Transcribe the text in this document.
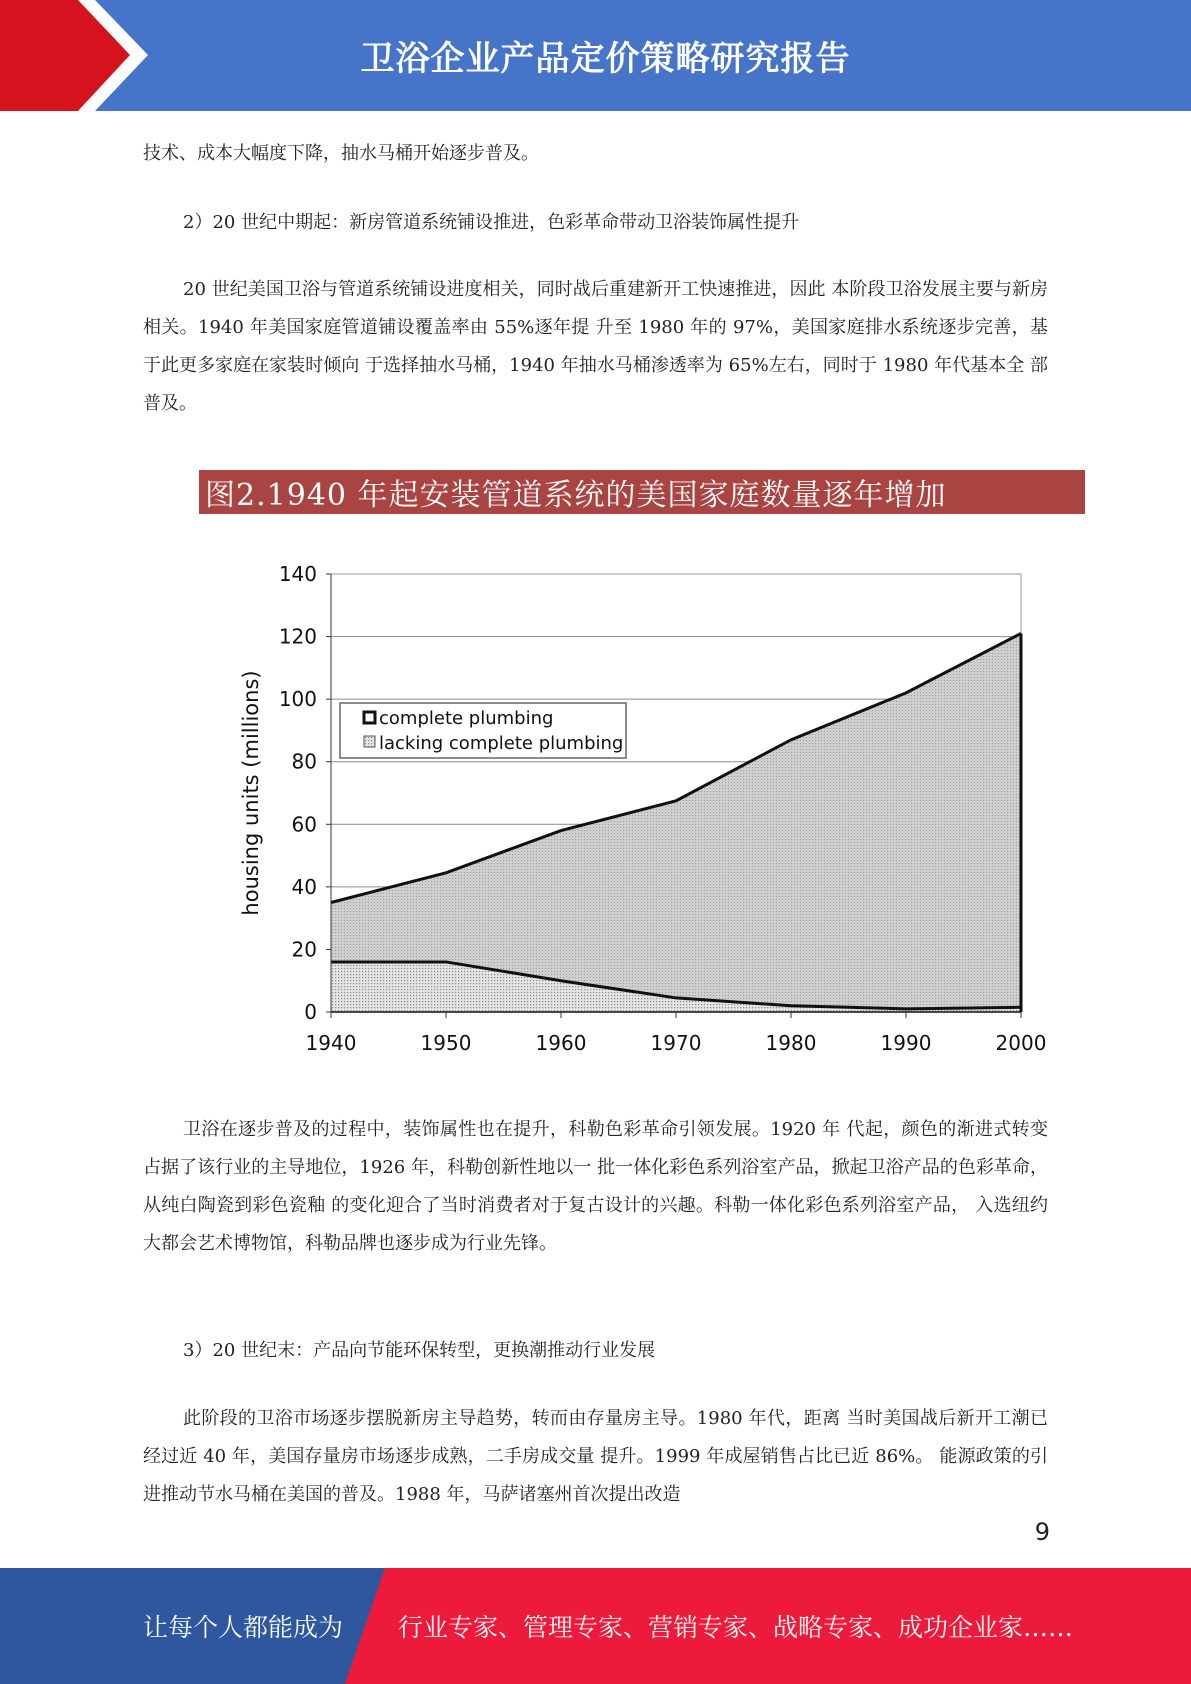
卫浴企业产品定价策略研究报告

技术、成本大幅度下降，抽水马桶开始逐步普及。

2）20 世纪中期起：新房管道系统铺设推进，色彩革命带动卫浴装饰属性提升

20 世纪美国卫浴与管道系统铺设进度相关，同时战后重建新开工快速推进，因此 本阶段卫浴发展主要与新房相关。1940 年美国家庭管道铺设覆盖率由 55%逐年提 升至 1980 年的 97%，美国家庭排水系统逐步完善，基于此更多家庭在家装时倾向 于选择抽水马桶，1940 年抽水马桶渗透率为 65%左右，同时于 1980 年代基本全 部普及。

图2.1940 年起安装管道系统的美国家庭数量逐年增加
0
20
40
60
80
100
120
140
1940	1950	1960	1970	1980	1990	2000
housing units (millions)	complete plumbing
lacking complete plumbing

卫浴在逐步普及的过程中，装饰属性也在提升，科勒色彩革命引领发展。1920 年 代起，颜色的渐进式转变占据了该行业的主导地位，1926 年，科勒创新性地以一 批一体化彩色系列浴室产品，掀起卫浴产品的色彩革命，从纯白陶瓷到彩色瓷釉 的变化迎合了当时消费者对于复古设计的兴趣。科勒一体化彩色系列浴室产品， 入选纽约大都会艺术博物馆，科勒品牌也逐步成为行业先锋。

3）20 世纪末：产品向节能环保转型，更换潮推动行业发展

此阶段的卫浴市场逐步摆脱新房主导趋势，转而由存量房主导。1980 年代，距离 当时美国战后新开工潮已经过近 40 年，美国存量房市场逐步成熟，二手房成交量 提升。1999 年成屋销售占比已近 86%。 能源政策的引进推动节水马桶在美国的普及。1988 年，马萨诸塞州首次提出改造

9
让每个人都能成为 行业专家、管理专家、营销专家、战略专家、成功企业家……
